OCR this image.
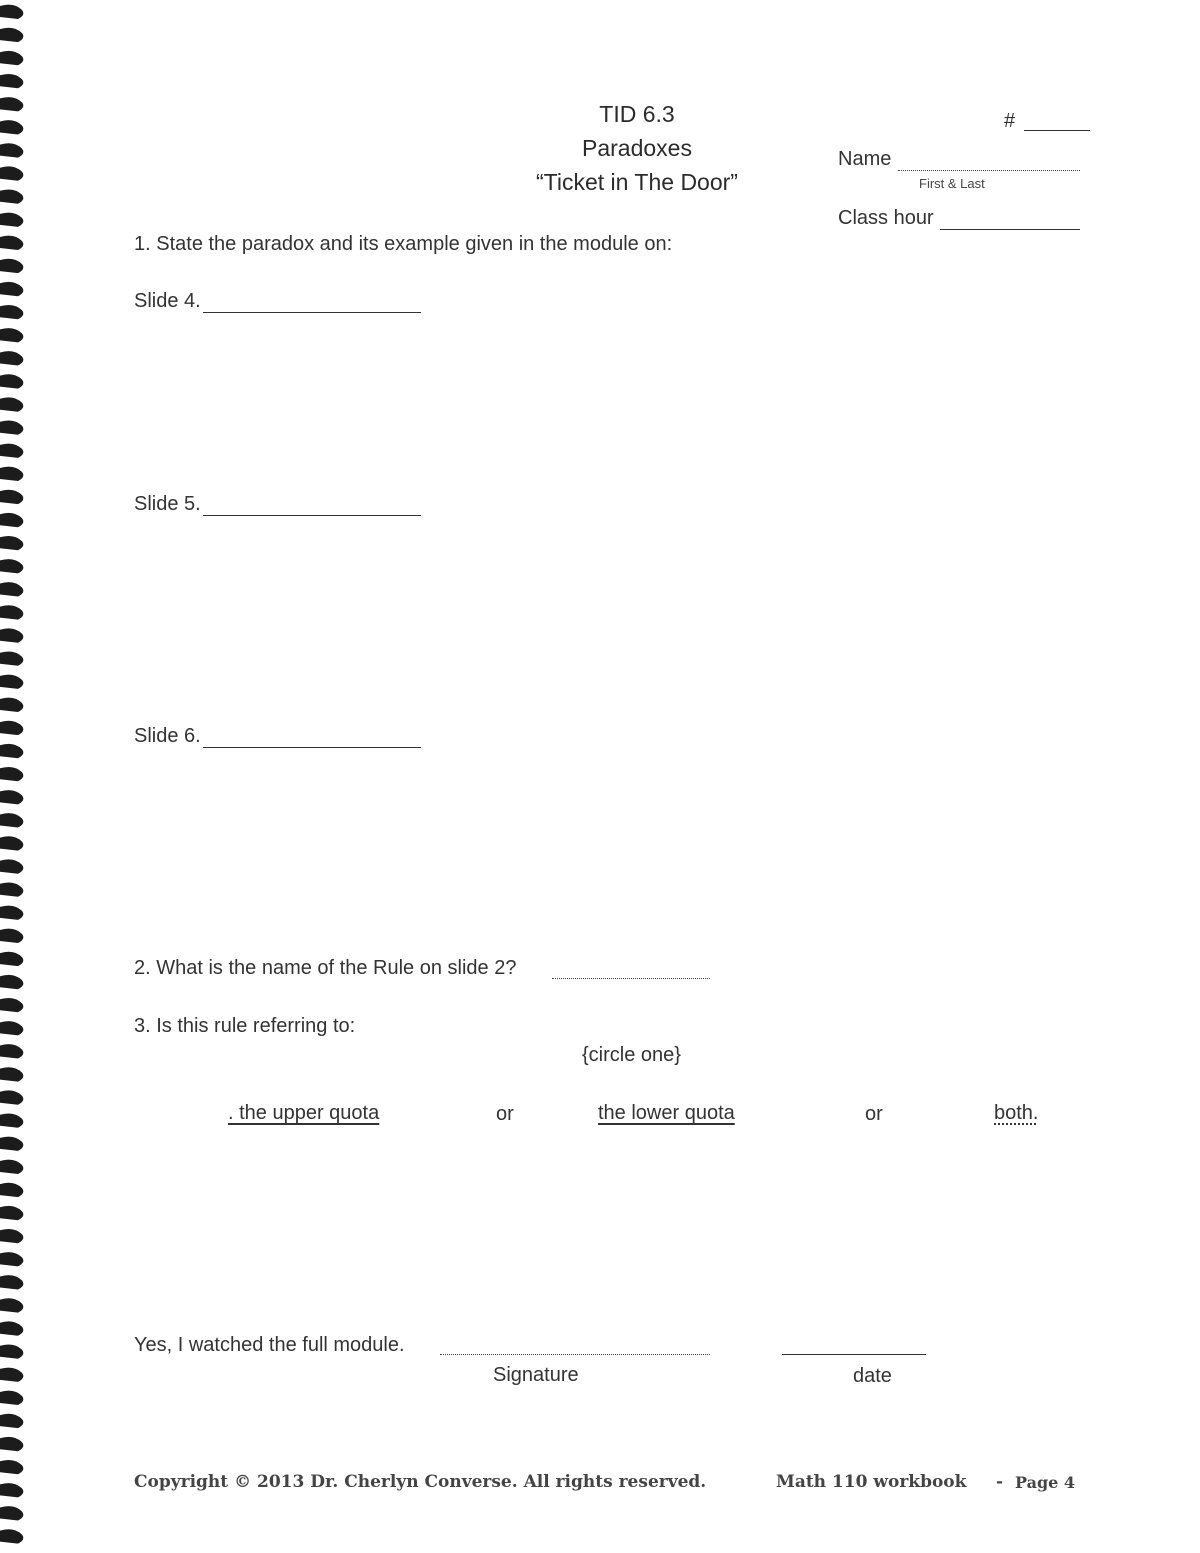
TID 6.3
Paradoxes
“Ticket in The Door”
#
Name
First & Last
Class hour
1. State the paradox and its example given in the module on:
Slide 4.
Slide 5.
Slide 6.
2. What is the name of the Rule on slide 2?
3. Is this rule referring to:
{circle one}
. the upper quota	or	the lower quota	or	both.
Yes, I watched the full module.
Signature	date
Copyright © 2013 Dr. Cherlyn Converse. All rights reserved.	Math 110 workbook - Page 4
